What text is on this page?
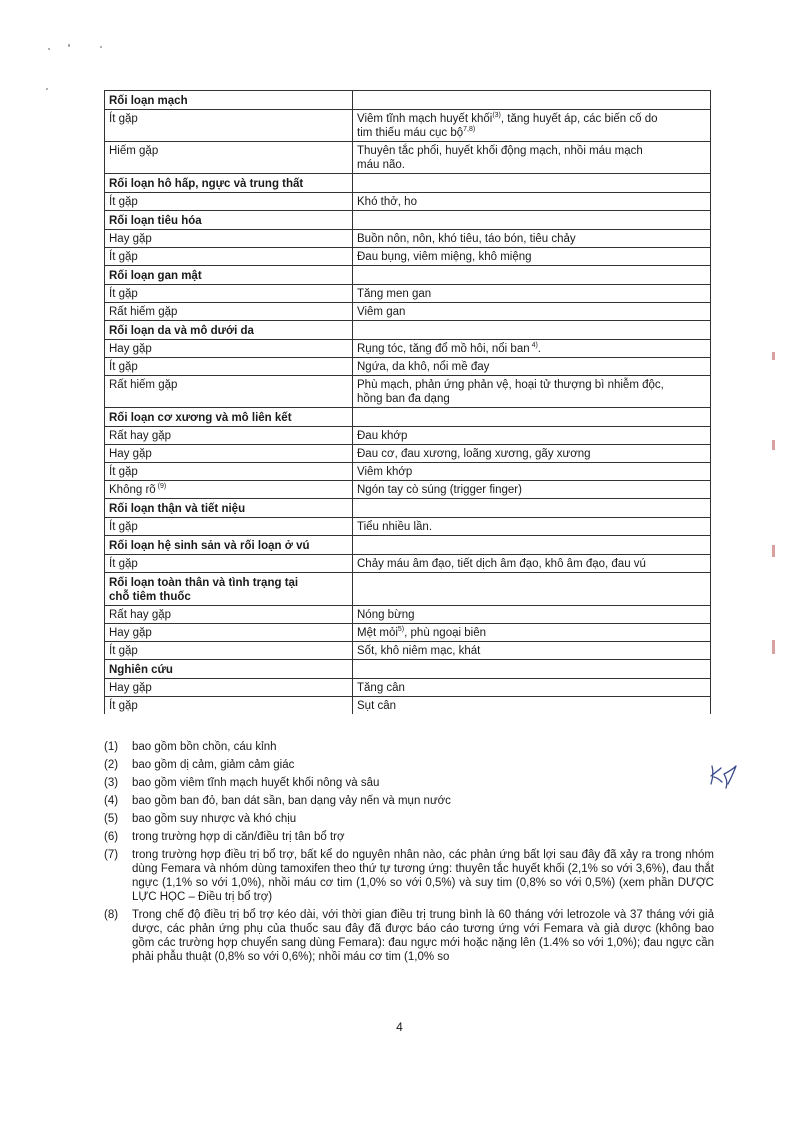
Rối loạn mạch	
Ít gặp	Viêm tĩnh mạch huyết khối$^{(3)}$, tăng huyết áp, các biến cố do
tim thiếu máu cục bộ$^{7,8)}$
Hiếm gặp	Thuyên tắc phổi, huyết khối động mạch, nhồi máu mạch
máu não.
Rối loạn hô hấp, ngực và trung thất	
Ít gặp	Khó thở, ho
Rối loạn tiêu hóa	
Hay gặp	Buồn nôn, nôn, khó tiêu, táo bón, tiêu chảy
Ít gặp	Đau bụng, viêm miệng, khô miệng
Rối loạn gan mật	
Ít gặp	Tăng men gan
Rất hiếm gặp	Viêm gan
Rối loạn da và mô dưới da	
Hay gặp	Rụng tóc, tăng đổ mồ hôi, nổi ban $^{4)}$.
Ít gặp	Ngứa, da khô, nổi mề đay
Rất hiếm gặp	Phù mạch, phản ứng phản vệ, hoại tử thượng bì nhiễm độc,
hồng ban đa dạng
Rối loạn cơ xương và mô liên kết	
Rất hay gặp	Đau khớp
Hay gặp	Đau cơ, đau xương, loãng xương, gãy xương
Ít gặp	Viêm khớp
Không rõ $^{(9)}$	Ngón tay cò súng (trigger finger)
Rối loạn thận và tiết niệu	
Ít gặp	Tiểu nhiều lần.
Rối loạn hệ sinh sản và rối loạn ở vú	
Ít gặp	Chảy máu âm đạo, tiết dịch âm đạo, khô âm đạo, đau vú
Rối loạn toàn thân và tình trạng tại
chỗ tiêm thuốc	
Rất hay gặp	Nóng bừng
Hay gặp	Mệt mỏi$^{5)}$, phù ngoại biên
Ít gặp	Sốt, khô niêm mạc, khát
Nghiên cứu	
Hay gặp	Tăng cân
Ít gặp	Sụt cân
(1)	bao gồm bồn chồn, cáu kỉnh
(2)	bao gồm dị cảm, giảm cảm giác
(3)	bao gồm viêm tĩnh mạch huyết khối nông và sâu
(4)	bao gồm ban đỏ, ban dát sần, ban dạng vảy nến và mụn nước
(5)	bao gồm suy nhược và khó chịu
(6)	trong trường hợp di căn/điều trị tân bổ trợ
(7)	trong trường hợp điều trị bổ trợ, bất kể do nguyên nhân nào, các phản ứng bất lợi sau đây đã xảy ra trong nhóm dùng Femara và nhóm dùng tamoxifen theo thứ tự tương ứng: thuyên tắc huyết khối (2,1% so với 3,6%), đau thắt ngực (1,1% so với 1,0%), nhồi máu cơ tim (1,0% so với 0,5%) và suy tim (0,8% so với 0,5%) (xem phần DƯỢC LỰC HỌC – Điều trị bổ trợ)
(8)	Trong chế độ điều trị bổ trợ kéo dài, với thời gian điều trị trung bình là 60 tháng với letrozole và 37 tháng với giả dược, các phản ứng phụ của thuốc sau đây đã được báo cáo tương ứng với Femara và giả dược (không bao gồm các trường hợp chuyển sang dùng Femara): đau ngực mới hoặc nặng lên (1.4% so với 1,0%); đau ngực cần phải phẫu thuật (0,8% so với 0,6%); nhồi máu cơ tim (1,0% so
4
